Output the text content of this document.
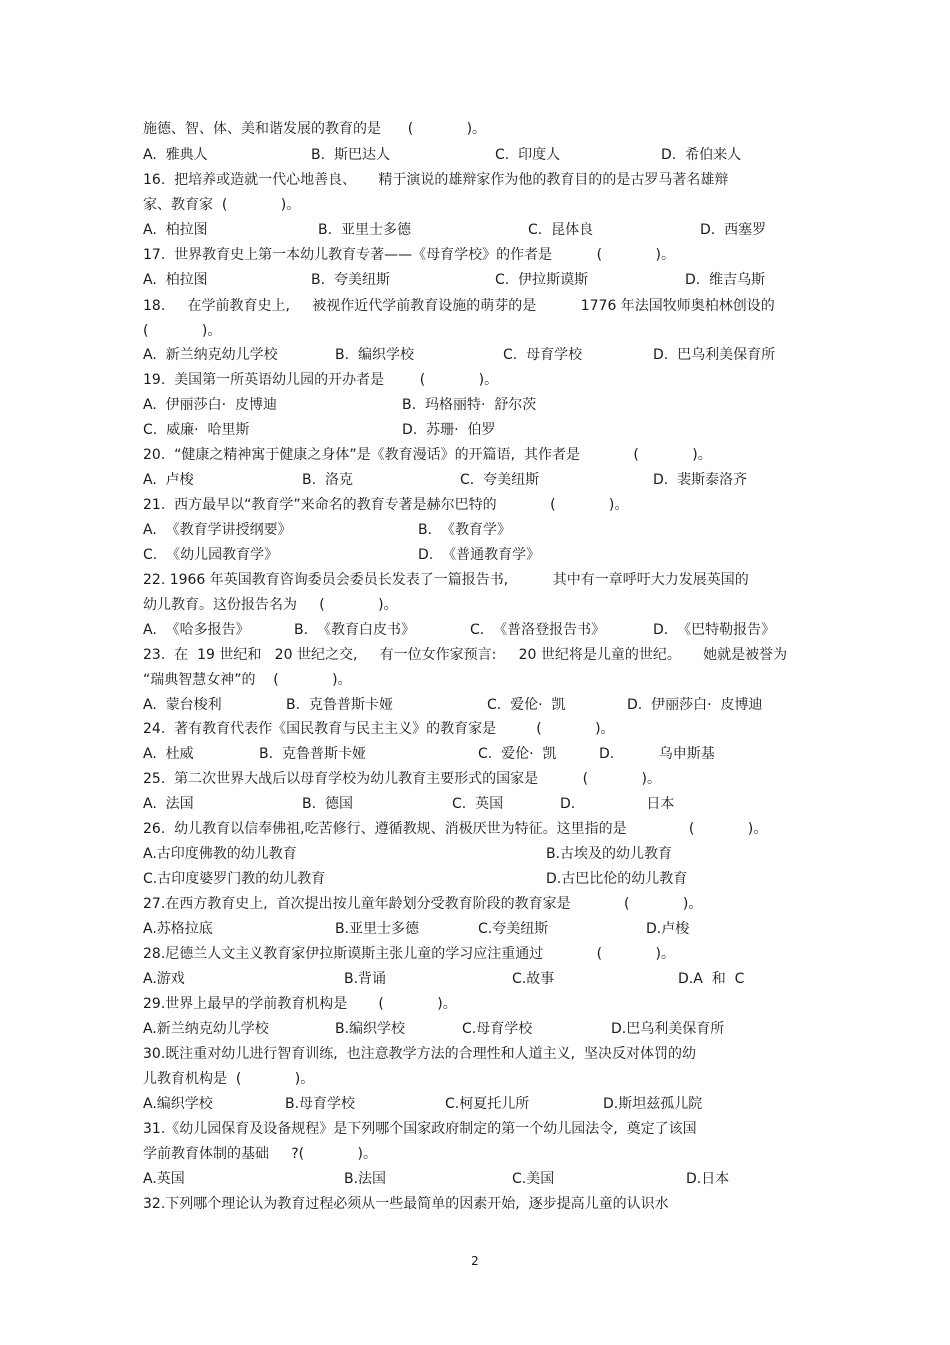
施德、智、体、美和谐发展的教育的是      (            )。
A.  雅典人	B.  斯巴达人	C.  印度人	D.  希伯来人
16.  把培养或造就一代心地善良、     精于演说的雄辩家作为他的教育目的的是古罗马著名雄辩
家、教育家  (            )。
A.  柏拉图	B.  亚里士多德	C.  昆体良	D.  西塞罗
17.  世界教育史上第一本幼儿教育专著——《母育学校》的作者是          (            )。
A.  柏拉图	B.  夸美纽斯	C.  伊拉斯谟斯	D.  维吉乌斯
18.     在学前教育史上,     被视作近代学前教育设施的萌芽的是          1776 年法国牧师奥柏林创设的
(            )。
A.  新兰纳克幼儿学校	B.  编织学校	C.  母育学校	D.  巴乌利美保育所
19.  美国第一所英语幼儿园的开办者是        (            )。
A.  伊丽莎白·  皮博迪	B.  玛格丽特·  舒尔茨
C.  威廉·  哈里斯	D.  苏珊·  伯罗
20.  “健康之精神寓于健康之身体”是《教育漫话》的开篇语,  其作者是            (            )。
A.  卢梭	B.  洛克	C.  夸美纽斯	D.  裴斯泰洛齐
21.  西方最早以“教育学”来命名的教育专著是赫尔巴特的            (            )。
A.  《教育学讲授纲要》	B.  《教育学》
C.  《幼儿园教育学》	D.  《普通教育学》
22. 1966 年英国教育咨询委员会委员长发表了一篇报告书,          其中有一章呼吁大力发展英国的
幼儿教育。这份报告名为     (            )。
A.  《哈多报告》	B.  《教育白皮书》	C.  《普洛登报告书》	D.  《巴特勒报告》
23.  在  19 世纪和   20 世纪之交,     有一位女作家预言:     20 世纪将是儿童的世纪。     她就是被誉为
“瑞典智慧女神”的    (            )。
A.  蒙台梭利	B.  克鲁普斯卡娅	C.  爱伦·  凯	D.  伊丽莎白·  皮博迪
24.  著有教育代表作《国民教育与民主主义》的教育家是         (            )。
A.  杜威	B.  克鲁普斯卡娅	C.  爱伦·  凯	D.          乌申斯基
25.  第二次世界大战后以母育学校为幼儿教育主要形式的国家是          (            )。
A.  法国	B.  德国	C.  英国	D.                日本
26.  幼儿教育以信奉佛祖,吃苦修行、遵循教规、消极厌世为特征。这里指的是              (            )。
A.古印度佛教的幼儿教育	B.古埃及的幼儿教育
C.古印度婆罗门教的幼儿教育	D.古巴比伦的幼儿教育
27.在西方教育史上,  首次提出按儿童年龄划分受教育阶段的教育家是            (            )。
A.苏格拉底	B.亚里士多德	C.夸美纽斯	D.卢梭
28.尼德兰人文主义教育家伊拉斯谟斯主张儿童的学习应注重通过            (            )。
A.游戏	B.背诵	C.故事	D.A  和  C
29.世界上最早的学前教育机构是       (            )。
A.新兰纳克幼儿学校	B.编织学校	C.母育学校	D.巴乌利美保育所
30.既注重对幼儿进行智育训练,  也注意教学方法的合理性和人道主义,  坚决反对体罚的幼
儿教育机构是  (            )。
A.编织学校	B.母育学校	C.柯夏托儿所	D.斯坦兹孤儿院
31.《幼儿园保育及设备规程》是下列哪个国家政府制定的第一个幼儿园法令,  奠定了该国
学前教育体制的基础     ?(            )。
A.英国	B.法国	C.美国	D.日本
32.下列哪个理论认为教育过程必须从一些最简单的因素开始,  逐步提高儿童的认识水
2
